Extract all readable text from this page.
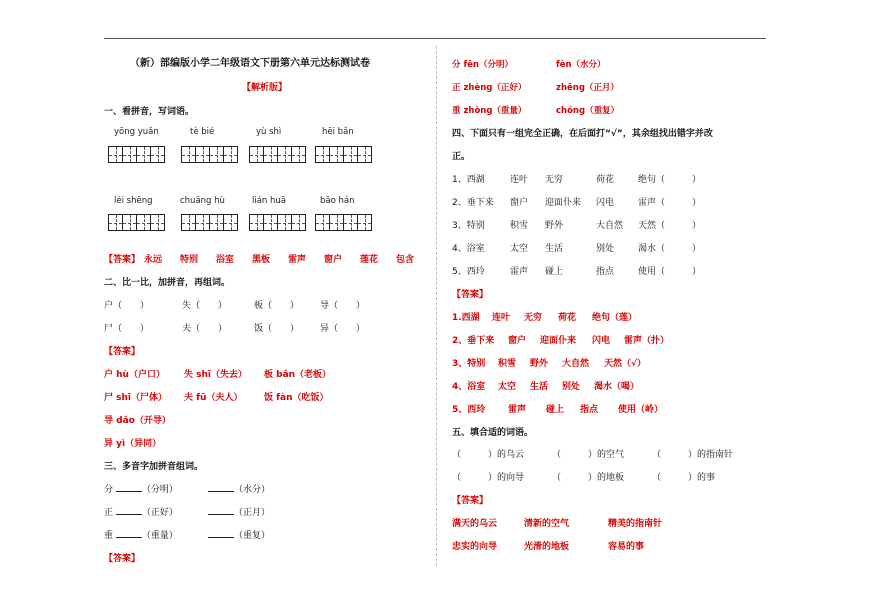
（新）部编版小学二年级语文下册第六单元达标测试卷
【解析版】
一、看拼音，写词语。
yōng yuǎn	tè bié	yù shì	hēi bǎn
léi shēng	chuāng hù	lián huā	bāo hán
【答案】 永远 特别 浴室 黑板 雷声 窗户 莲花 包含
二、比一比，加拼音，再组词。
户（　　）	失（　　）	板（　　） 导（　　）
尸（　　）	夫（　　）	饭（　　） 异（　　）
【答案】
户 hù（户口） 失 shī（失去） 板 bǎn（老板）
尸 shī（尸体） 夫 fū（夫人） 饭 fàn（吃饭）
导 dǎo（开导）
异 yì（异同）
三、多音字加拼音组词。
分	（分明）	（水分）
正	（正好）	（正月）
重	（重量）	（重复）
【答案】
分 fēn（分明）	fèn（水分）
正 zhèng（正好）	zhēng（正月）
重 zhòng（重量）	chóng（重复）
四、下面只有一组完全正确，在后面打“√”，其余组找出错字并改
正。
1、西湖	连叶 无穷	荷花	绝句（　　　）
2、垂下来 窗户 迎面仆来 闪电	雷声（　　　）
3、特别	积雪 野外	大自然 天然（　　　）
4、浴室	太空 生活	别处	渴水（　　　）
5、西玲	雷声 碰上	指点	使用（　　　）
【答案】
1.西湖 连叶 无穷 荷花 绝句（莲）
2、垂下来 窗户 迎面仆来 闪电 雷声（扑）
3、特别 积雪 野外 大自然 天然（√）
4、浴室 太空 生活 别处 渴水（喝）
5、西玲	雷声 碰上 指点 使用（岭）
五、填合适的词语。
（　　　）的乌云	（　　　）的空气	（　　　）的指南针
（　　　）的向导	（　　　）的地板	（　　　）的事
【答案】
满天的乌云	清新的空气	精美的指南针
忠实的向导	光滑的地板	容易的事
